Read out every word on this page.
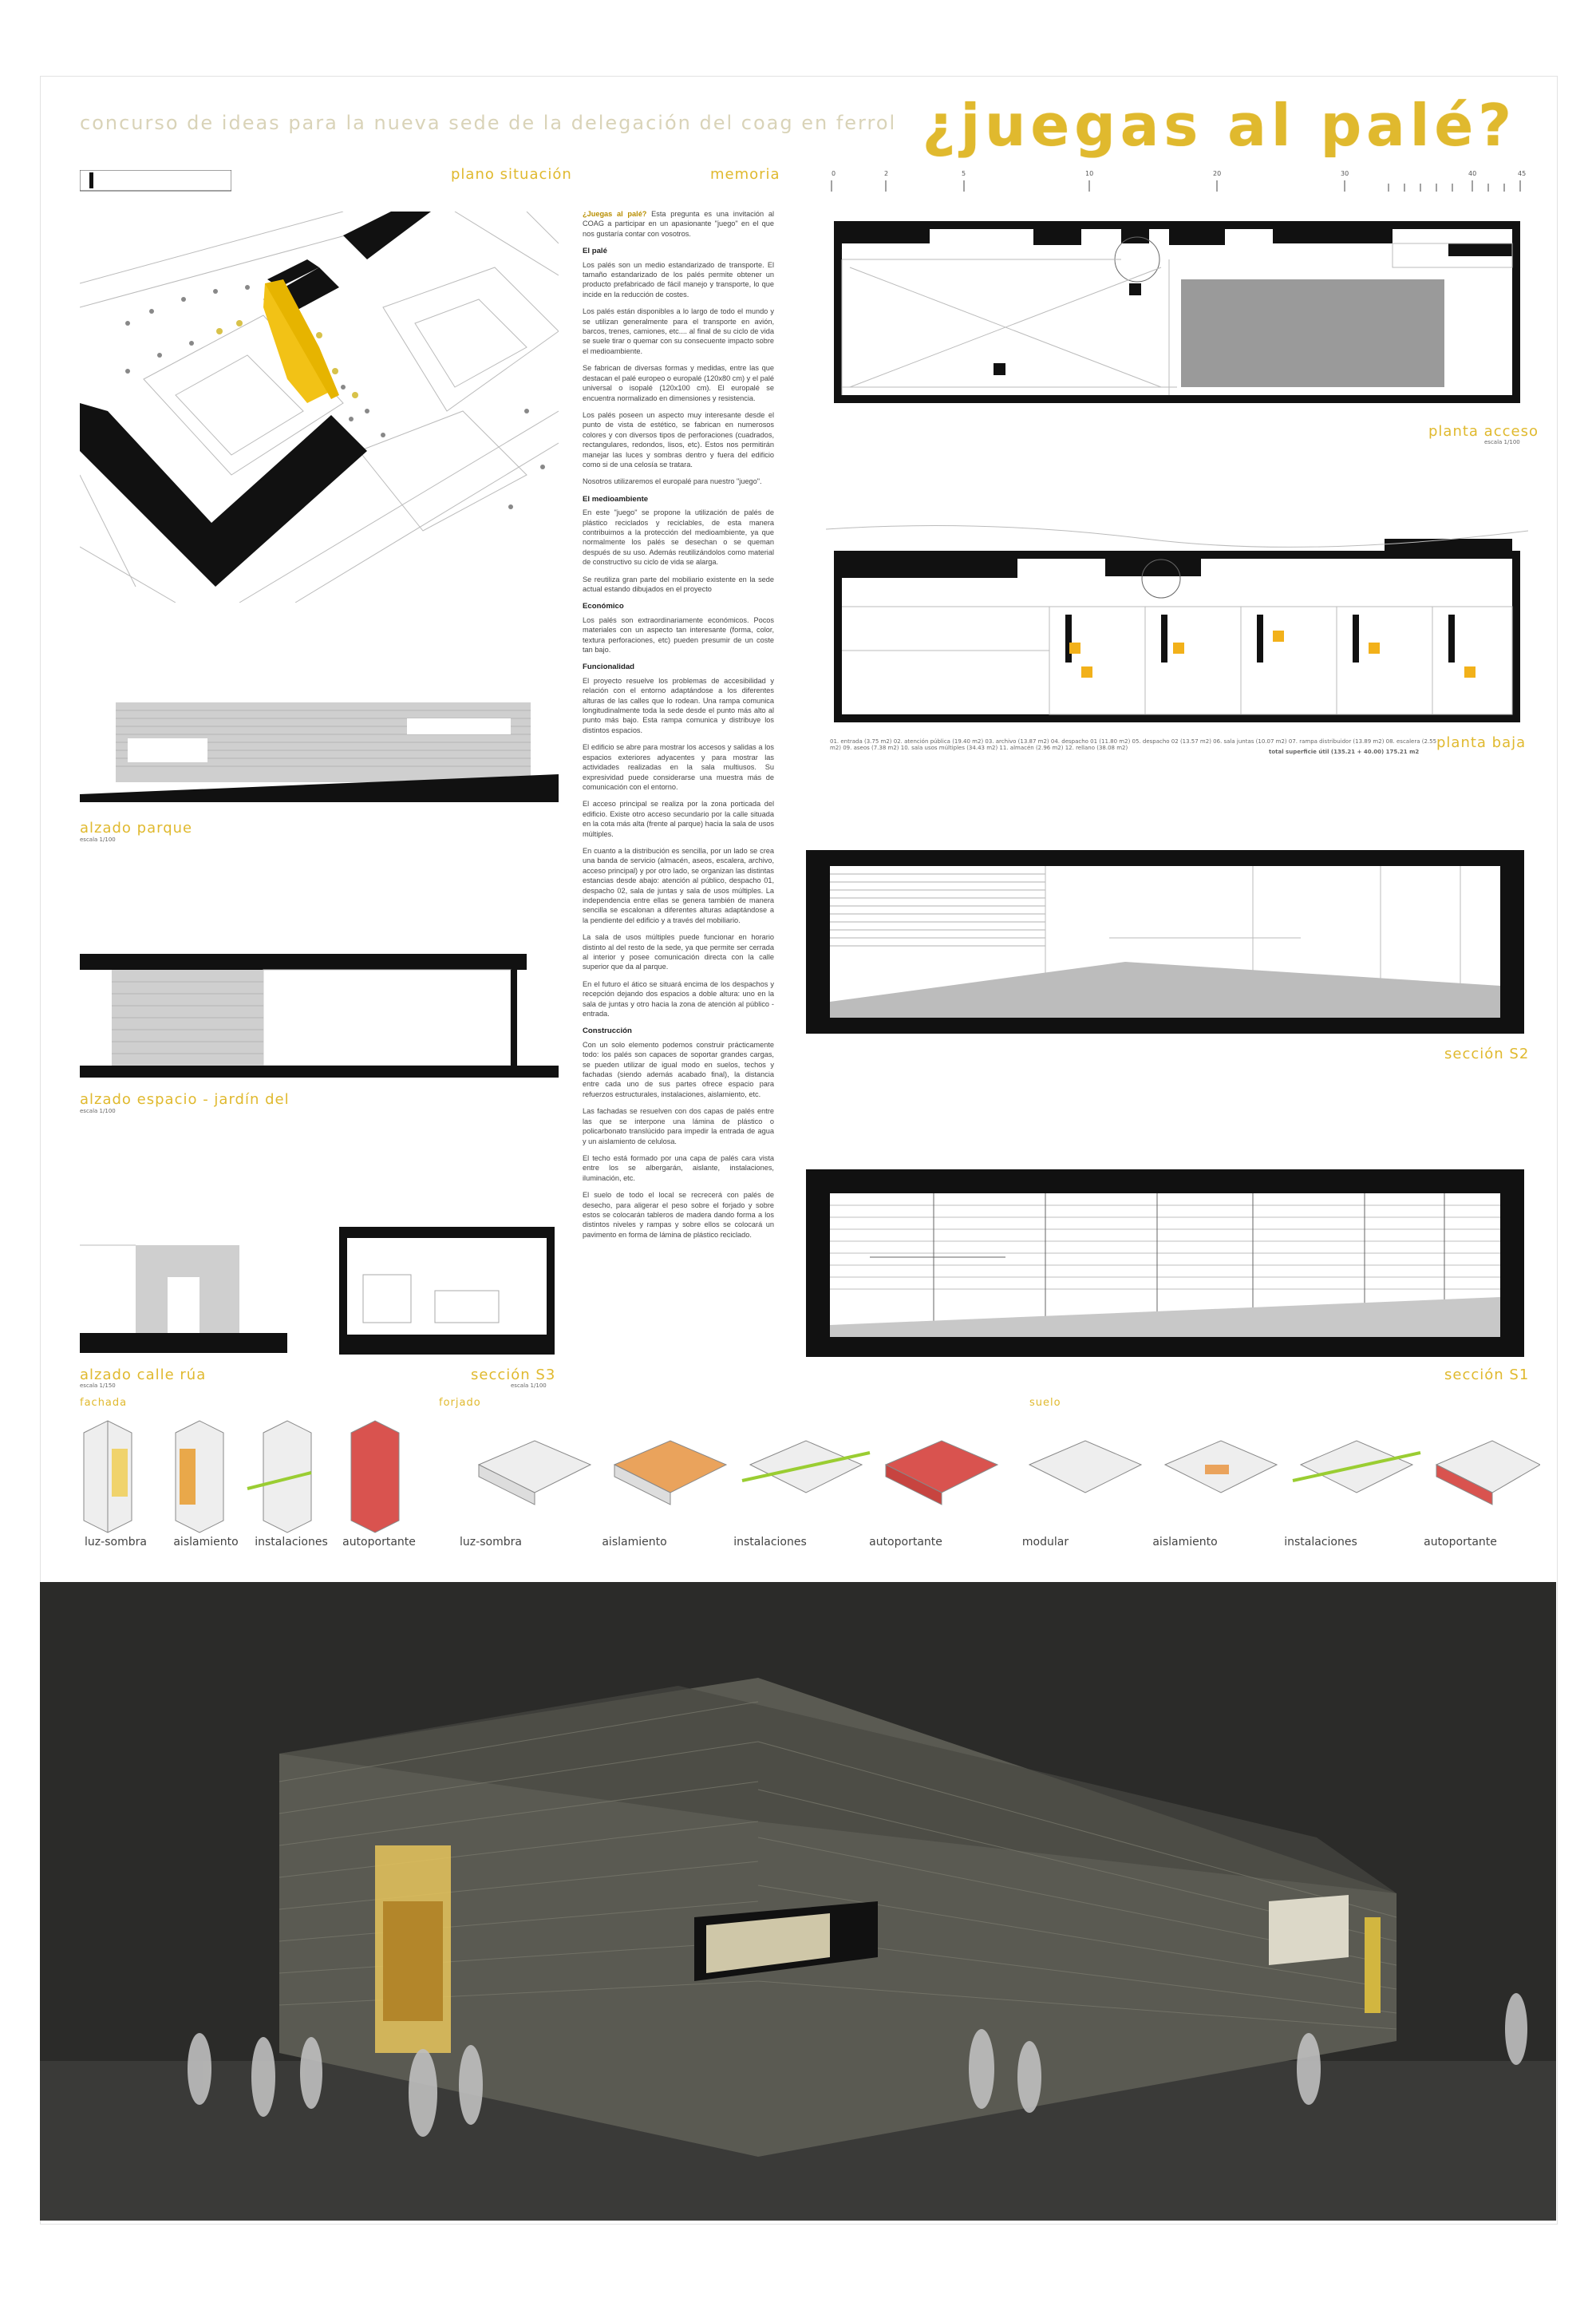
concurso de ideas para la nueva sede de la delegación del coag en ferrol ¿juegas al palé?
plano situación	memoria	0	2	5	10	20	30	40	45

¿Juegas al palé? Esta pregunta es una invitación al COAG a participar en un apasionante "juego" en el que nos gustaría contar con vosotros.

El palé

Los palés son un medio estandarizado de transporte. El tamaño estandarizado de los palés permite obtener un producto prefabricado de fácil manejo y transporte, lo que incide en la reducción de costes.

Los palés están disponibles a lo largo de todo el mundo y se utilizan generalmente para el transporte en avión, barcos, trenes, camiones, etc.... al final de su ciclo de vida se suele tirar o quemar con su consecuente impacto sobre el medioambiente.

Se fabrican de diversas formas y medidas, entre las que destacan el palé europeo o europalé (120x80 cm) y el palé universal o isopalé (120x100 cm). El europalé se encuentra normalizado en dimensiones y resistencia.

Los palés poseen un aspecto muy interesante desde el punto de vista de estético, se fabrican en numerosos colores y con diversos tipos de perforaciones (cuadrados, rectangulares, redondos, lisos, etc). Estos nos permitirán manejar las luces y sombras dentro y fuera del edificio como si de una celosía se tratara.

Nosotros utilizaremos el europalé para nuestro "juego".

El medioambiente

En este "juego" se propone la utilización de palés de plástico reciclados y reciclables, de esta manera contribuimos a la protección del medioambiente, ya que normalmente los palés se desechan o se queman después de su uso. Además reutilizándolos como material de constructivo su ciclo de vida se alarga.

Se reutiliza gran parte del mobiliario existente en la sede actual estando dibujados en el proyecto

Económico

Los palés son extraordinariamente económicos. Pocos materiales con un aspecto tan interesante (forma, color, textura perforaciones, etc) pueden presumir de un coste tan bajo.

Funcionalidad

El proyecto resuelve los problemas de accesibilidad y relación con el entorno adaptándose a los diferentes alturas de las calles que lo rodean. Una rampa comunica longitudinalmente toda la sede desde el punto más alto al punto más bajo. Esta rampa comunica y distribuye los distintos espacios.

El edificio se abre para mostrar los accesos y salidas a los espacios exteriores adyacentes y para mostrar las actividades realizadas en la sala multiusos. Su expresividad puede considerarse una muestra más de comunicación con el entorno.

El acceso principal se realiza por la zona porticada del edificio. Existe otro acceso secundario por la calle situada en la cota más alta (frente al parque) hacia la sala de usos múltiples.

En cuanto a la distribución es sencilla, por un lado se crea una banda de servicio (almacén, aseos, escalera, archivo, acceso principal) y por otro lado, se organizan las distintas estancias desde abajo: atención al público, despacho 01, despacho 02, sala de juntas y sala de usos múltiples. La independencia entre ellas se genera también de manera sencilla se escalonan a diferentes alturas adaptándose a la pendiente del edificio y a través del mobiliario.

La sala de usos múltiples puede funcionar en horario distinto al del resto de la sede, ya que permite ser cerrada al interior y posee comunicación directa con la calle superior que da al parque.

En el futuro el ático se situará encima de los despachos y recepción dejando dos espacios a doble altura: uno en la sala de juntas y otro hacia la zona de atención al público - entrada.

Construcción

Con un solo elemento podemos construir prácticamente todo: los palés son capaces de soportar grandes cargas, se pueden utilizar de igual modo en suelos, techos y fachadas (siendo además acabado final), la distancia entre cada uno de sus partes ofrece espacio para refuerzos estructurales, instalaciones, aislamiento, etc.

Las fachadas se resuelven con dos capas de palés entre las que se interpone una lámina de plástico o policarbonato translúcido para impedir la entrada de agua y un aislamiento de celulosa.

El techo está formado por una capa de palés cara vista entre los se albergarán, aislante, instalaciones, iluminación, etc.

El suelo de todo el local se recrecerá con palés de desecho, para aligerar el peso sobre el forjado y sobre estos se colocarán tableros de madera dando forma a los distintos niveles y rampas y sobre ellos se colocará un pavimento en forma de lámina de plástico reciclado.

planta acceso
escala 1/100
01. entrada (3.75 m2) 02. atención pública (19.40 m2) 03. archivo (13.87 m2) 04. despacho 01 (11.80 m2) 05. despacho 02 (13.57 m2) 06. sala juntas (10.07 m2) 07. rampa distribuidor (13.89 m2) 08. escalera (2.55 m2) 09. aseos (7.38 m2) 10. sala usos múltiples (34.43 m2) 11. almacén (2.96 m2) 12. rellano (38.08 m2)
total superficie útil (135.21 + 40.00) 175.21 m2
planta baja
sección S2
sección S1
alzado parque
escala 1/100
alzado espacio - jardín del
escala 1/100
alzado calle rúa
escala 1/150
sección S3
escala 1/100
fachada	forjado	suelo
luz-sombra	aislamiento	instalaciones	autoportante	luz-sombra	aislamiento	instalaciones	autoportante	modular	aislamiento	instalaciones	autoportante
